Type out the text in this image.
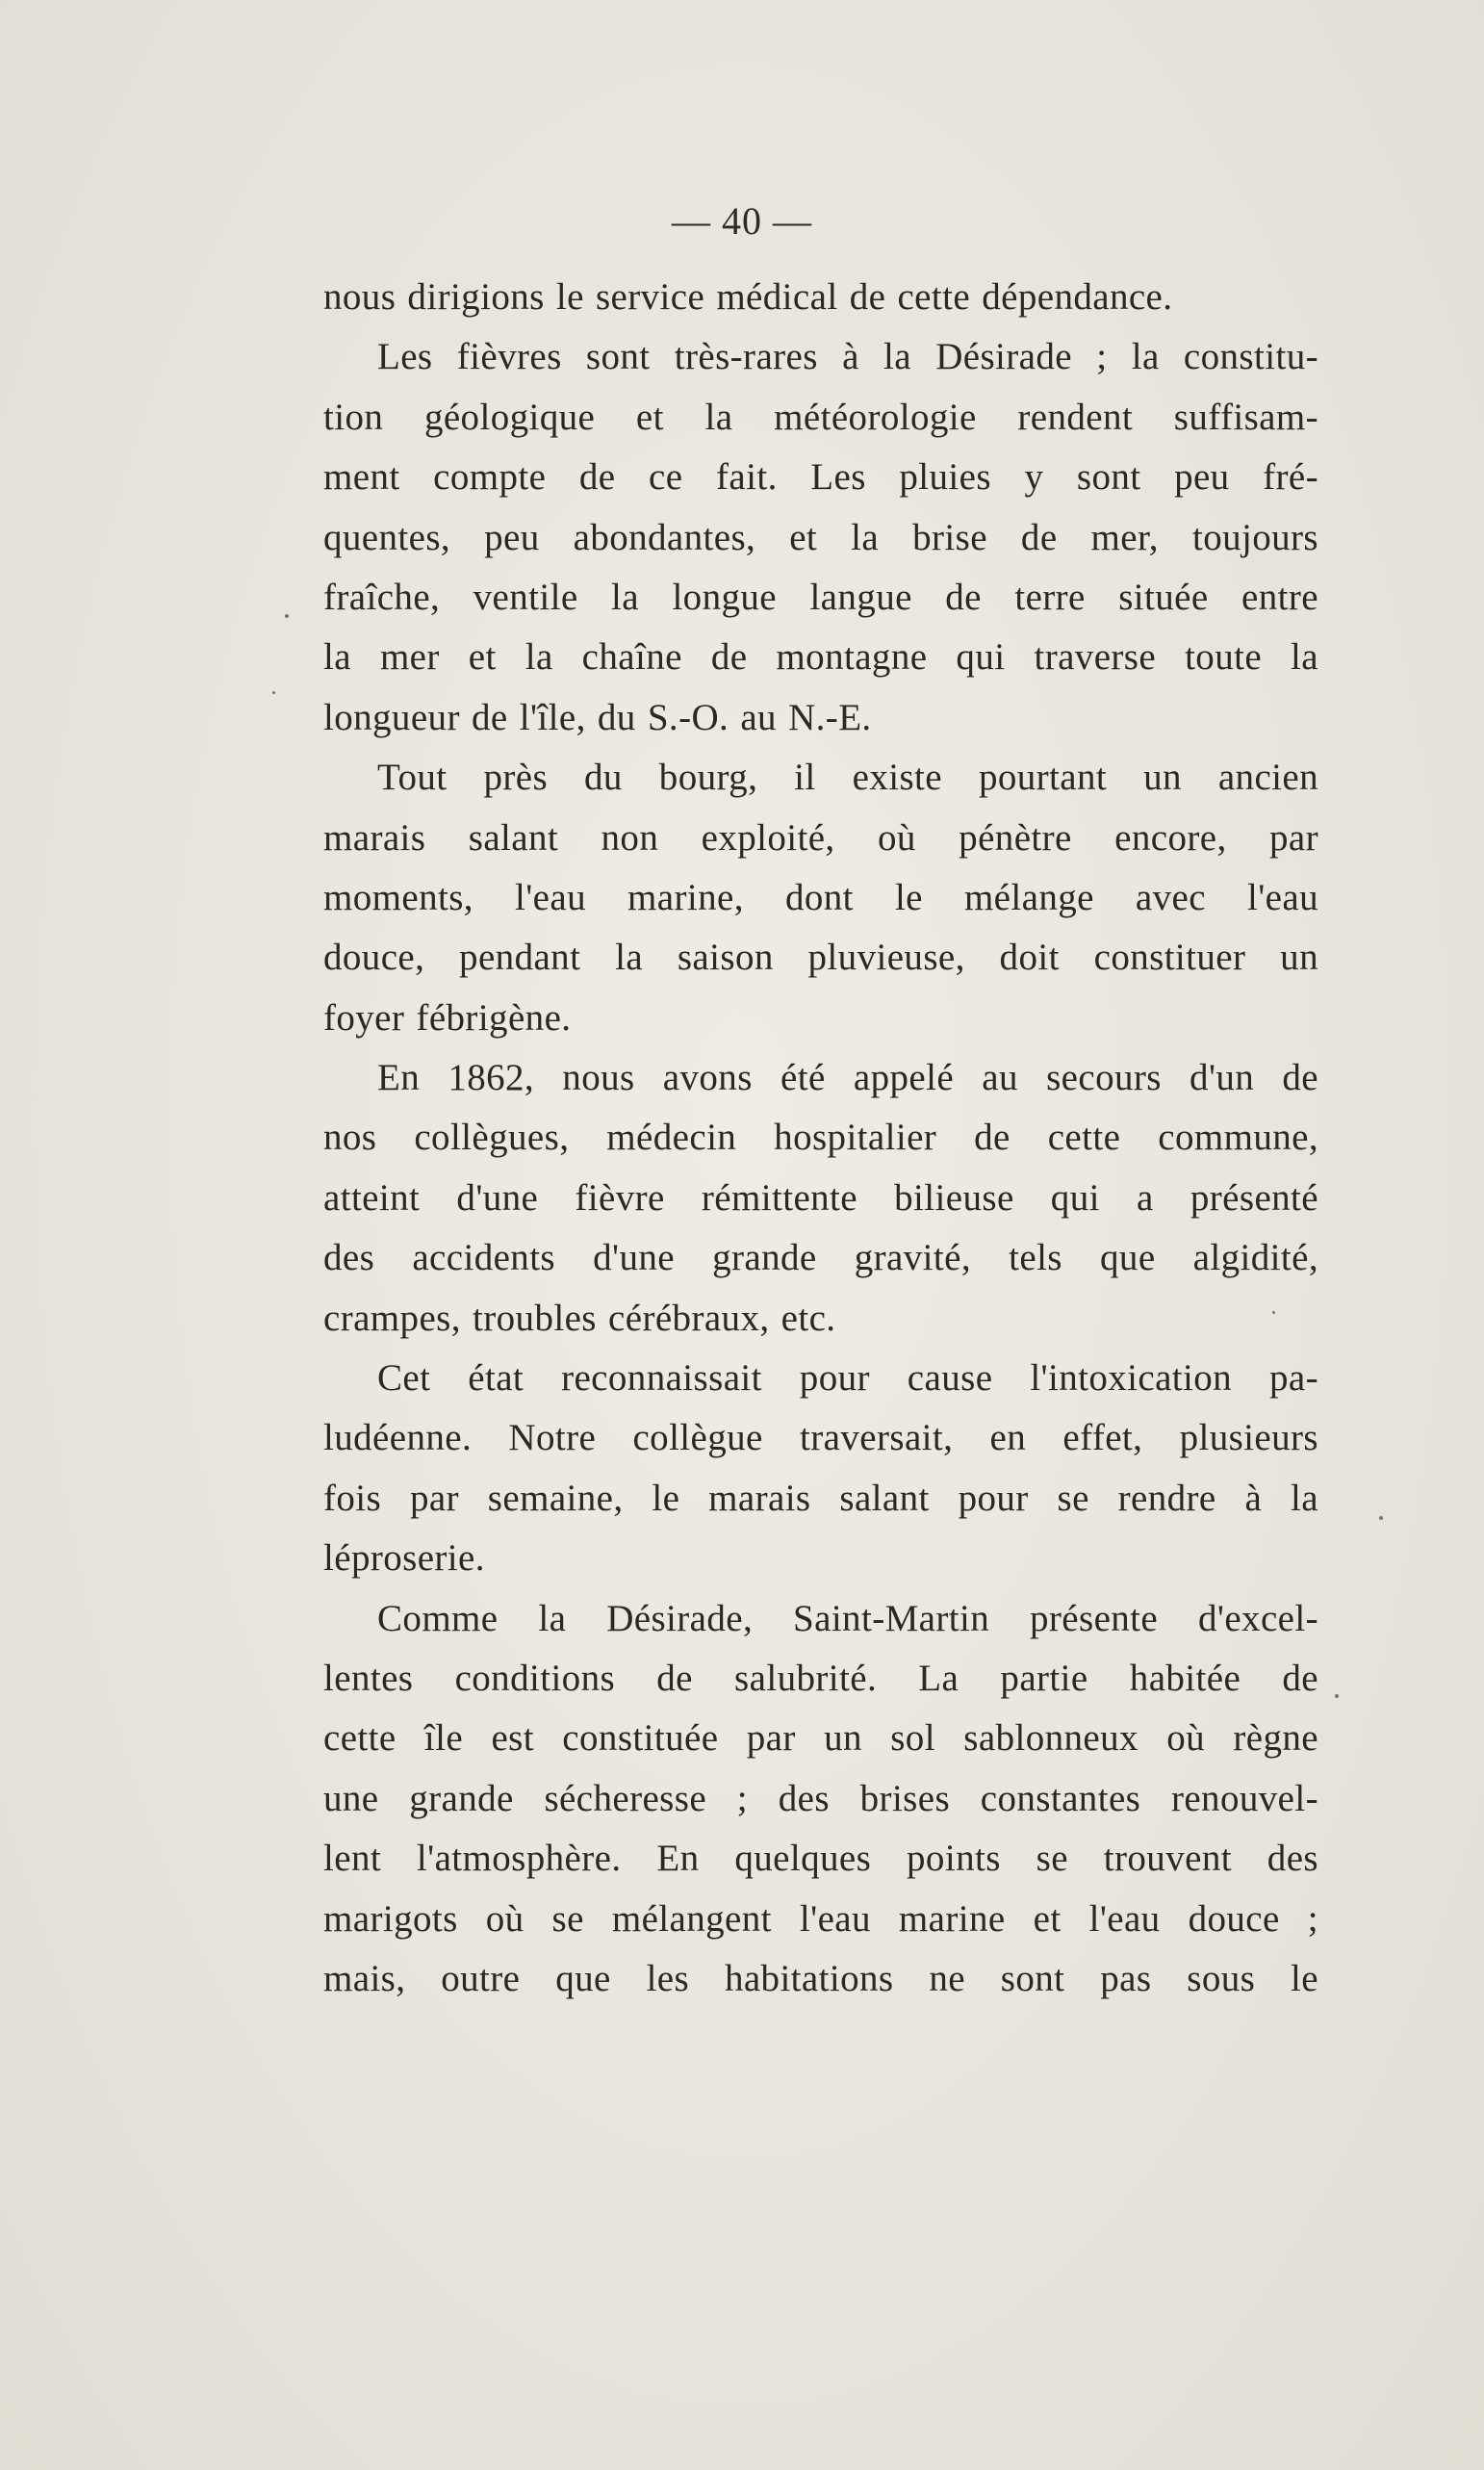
— 40 —
nous dirigions le service médical de cette dépendance.
Les fièvres sont très-rares à la Désirade ; la constitu-
tion géologique et la météorologie rendent suffisam-
ment compte de ce fait. Les pluies y sont peu fré-
quentes, peu abondantes, et la brise de mer, toujours
fraîche, ventile la longue langue de terre située entre
la mer et la chaîne de montagne qui traverse toute la
longueur de l'île, du S.-O. au N.-E.
Tout près du bourg, il existe pourtant un ancien
marais salant non exploité, où pénètre encore, par
moments, l'eau marine, dont le mélange avec l'eau
douce, pendant la saison pluvieuse, doit constituer un
foyer fébrigène.
En 1862, nous avons été appelé au secours d'un de
nos collègues, médecin hospitalier de cette commune,
atteint d'une fièvre rémittente bilieuse qui a présenté
des accidents d'une grande gravité, tels que algidité,
crampes, troubles cérébraux, etc.
Cet état reconnaissait pour cause l'intoxication pa-
ludéenne. Notre collègue traversait, en effet, plusieurs
fois par semaine, le marais salant pour se rendre à la
léproserie.
Comme la Désirade, Saint-Martin présente d'excel-
lentes conditions de salubrité. La partie habitée de
cette île est constituée par un sol sablonneux où règne
une grande sécheresse ; des brises constantes renouvel-
lent l'atmosphère. En quelques points se trouvent des
marigots où se mélangent l'eau marine et l'eau douce ;
mais, outre que les habitations ne sont pas sous le
